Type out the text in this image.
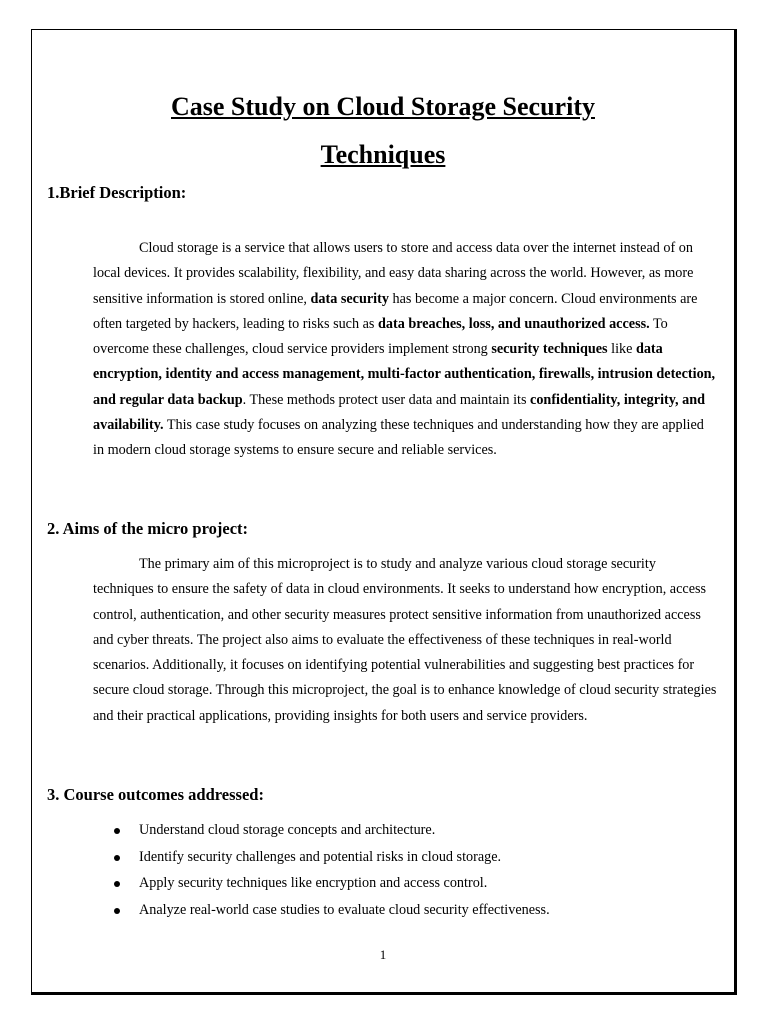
Case Study on Cloud Storage Security
Techniques
1.Brief Description:

Cloud storage is a service that allows users to store and access data over the internet instead of on local devices. It provides scalability, flexibility, and easy data sharing across the world. However, as more sensitive information is stored online, data security has become a major concern. Cloud environments are often targeted by hackers, leading to risks such as data breaches, loss, and unauthorized access. To overcome these challenges, cloud service providers implement strong security techniques like data encryption, identity and access management, multi-factor authentication, firewalls, intrusion detection, and regular data backup. These methods protect user data and maintain its confidentiality, integrity, and availability. This case study focuses on analyzing these techniques and understanding how they are applied in modern cloud storage systems to ensure secure and reliable services.

2. Aims of the micro project:

The primary aim of this microproject is to study and analyze various cloud storage security techniques to ensure the safety of data in cloud environments. It seeks to understand how encryption, access control, authentication, and other security measures protect sensitive information from unauthorized access and cyber threats. The project also aims to evaluate the effectiveness of these techniques in real-world scenarios. Additionally, it focuses on identifying potential vulnerabilities and suggesting best practices for secure cloud storage. Through this microproject, the goal is to enhance knowledge of cloud security strategies and their practical applications, providing insights for both users and service providers.

3. Course outcomes addressed:
Understand cloud storage concepts and architecture.
Identify security challenges and potential risks in cloud storage.
Apply security techniques like encryption and access control.
Analyze real-world case studies to evaluate cloud security effectiveness.
1
